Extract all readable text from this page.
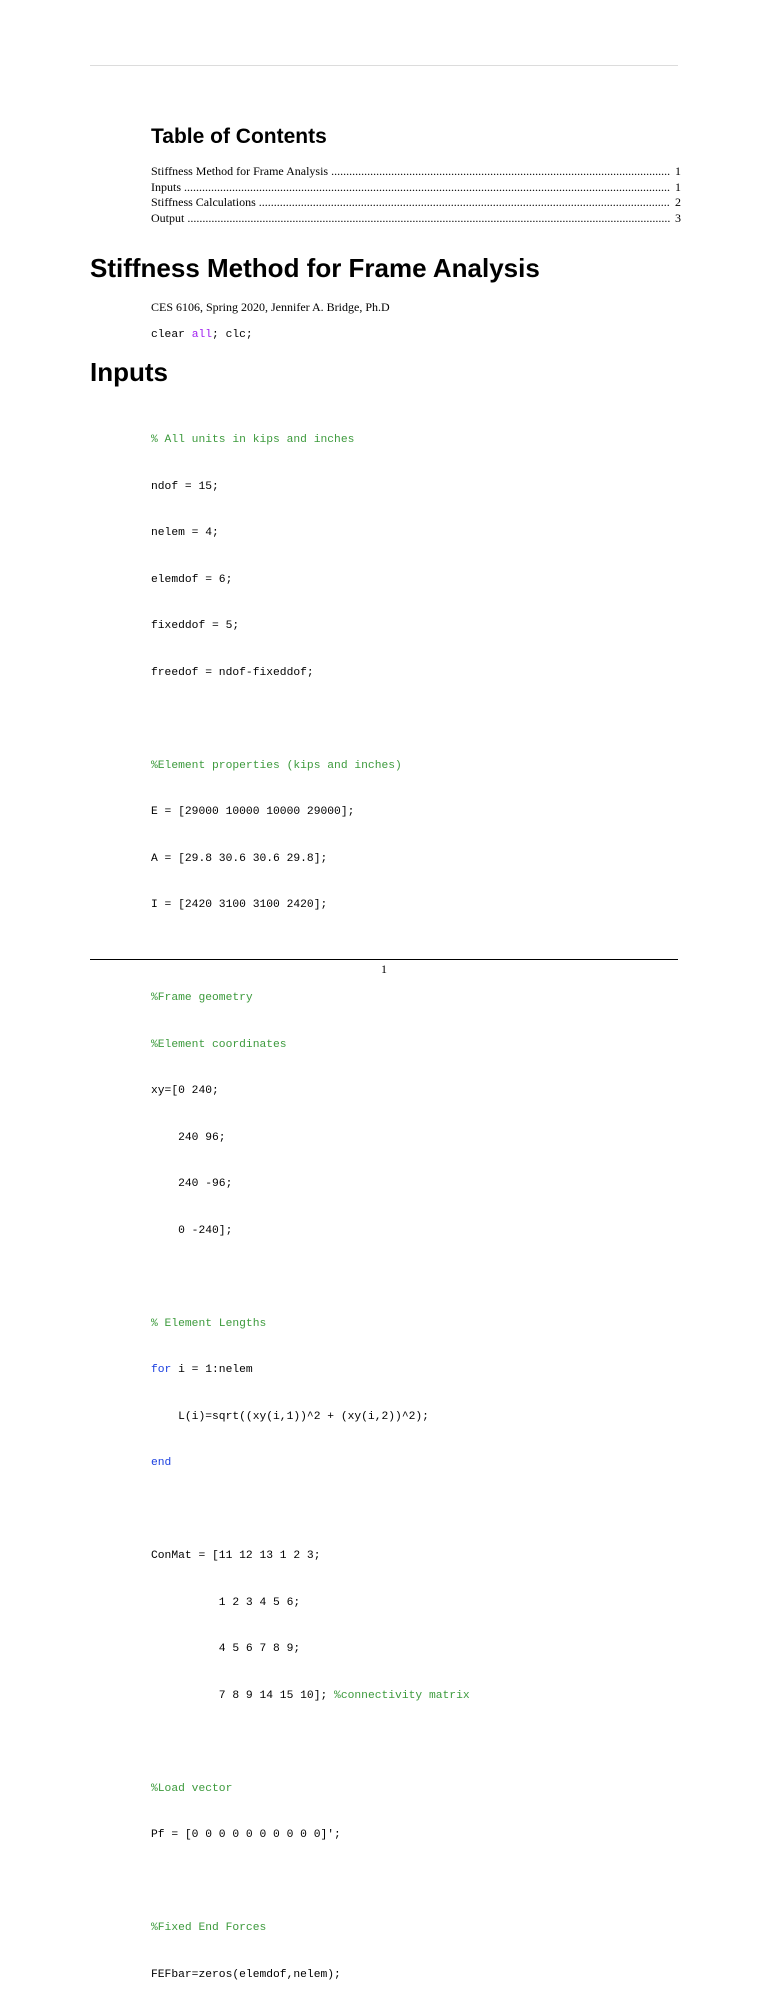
Table of Contents
Stiffness Method for Frame Analysis . . .	1
Inputs . . .	1
Stiffness Calculations . . .	2
Output . . .	3
Stiffness Method for Frame Analysis
CES 6106, Spring 2020, Jennifer A. Bridge, Ph.D
clear all; clc;
Inputs

% All units in kips and inches

ndof = 15;

nelem = 4;

elemdof = 6;

fixeddof = 5;

freedof = ndof-fixeddof;

%Element properties (kips and inches)

E = [29000 10000 10000 29000];

A = [29.8 30.6 30.6 29.8];

I = [2420 3100 3100 2420];

%Frame geometry

%Element coordinates

xy=[0 240;

240 96;

240 -96;

0 -240];

% Element Lengths

for i = 1:nelem

L(i)=sqrt((xy(i,1))^2 + (xy(i,2))^2);

end

ConMat = [11 12 13 1 2 3;

1 2 3 4 5 6;

4 5 6 7 8 9;

7 8 9 14 15 10]; %connectivity matrix

%Load vector

Pf = [0 0 0 0 0 0 0 0 0 0]';

%Fixed End Forces

FEFbar=zeros(elemdof,nelem);

1
